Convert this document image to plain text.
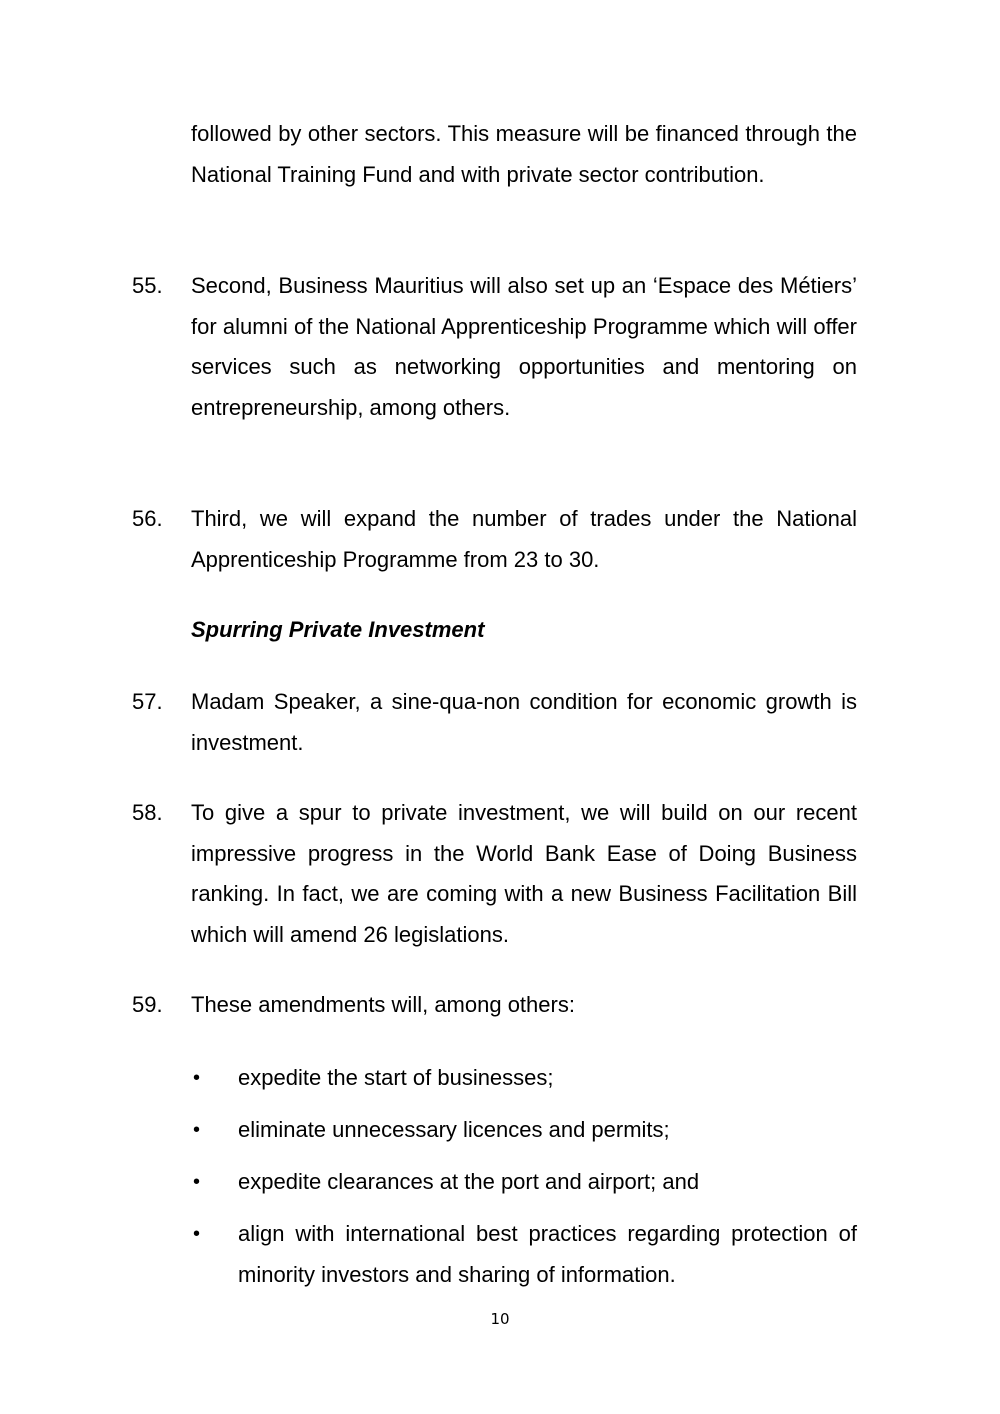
followed by other sectors. This measure will be financed through the National Training Fund and with private sector contribution.

55. Second, Business Mauritius will also set up an ‘Espace des Métiers’ for alumni of the National Apprenticeship Programme which will offer services such as networking opportunities and mentoring on entrepreneurship, among others.

56. Third, we will expand the number of trades under the National Apprenticeship Programme from 23 to 30.

Spurring Private Investment
57. Madam Speaker, a sine-qua-non condition for economic growth is investment.

58. To give a spur to private investment, we will build on our recent impressive progress in the World Bank Ease of Doing Business ranking. In fact, we are coming with a new Business Facilitation Bill which will amend 26 legislations.

59. These amendments will, among others:

• expedite the start of businesses;
• eliminate unnecessary licences and permits;
• expedite clearances at the port and airport; and
• align with international best practices regarding protection of minority investors and sharing of information.
10
